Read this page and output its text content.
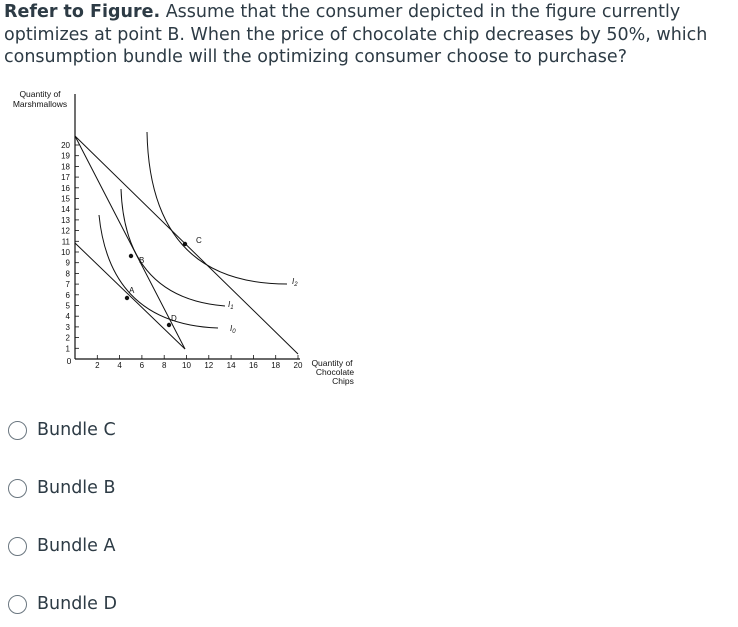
Refer to Figure. Assume that the consumer depicted in the figure currently optimizes at point B. When the price of chocolate chip decreases by 50%, which consumption bundle will the optimizing consumer choose to purchase?

Quantity of
Marshmallows
20
19
18
17
16
15
14
13
12
11
10
9
8
7
6
5
4
3
2
1
2 4 6 8 10 12 14 16 18 20
0
$I_0$
$I_1$
$I_2$
A
B
C
D
Quantity of
Chocolate
Chips
Bundle C
Bundle B
Bundle A
Bundle D
